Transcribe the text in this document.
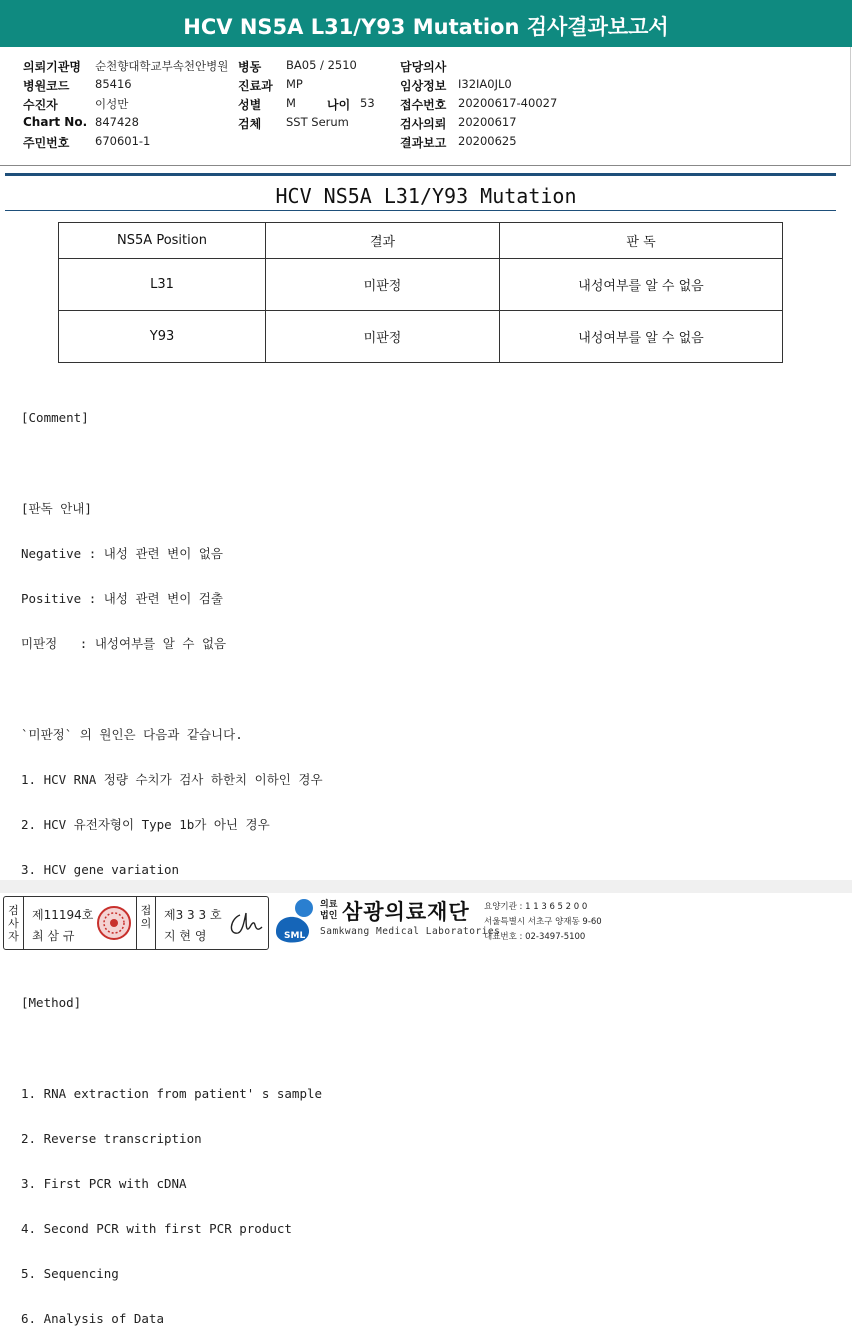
HCV NS5A L31/Y93 Mutation 검사결과보고서
의뢰기관명 순천향대학교부속천안병원 병동 BA05 / 2510	담당의사
병원코드 85416	진료과 MP	임상정보 I32IA0JL0
수진자	이성만	성별 M	나이 53 접수번호 20200617-40027
Chart No. 847428	검체 SST Serum	검사의뢰 20200617
주민번호 670601-1	결과보고 20200625
HCV NS5A L31/Y93 Mutation
NS5A Position	결과	판 독
L31	미판정	내성여부를 알 수 없음
Y93	미판정	내성여부를 알 수 없음

[Comment]

[판독 안내]

Negative : 내성 관련 변이 없음

Positive : 내성 관련 변이 검출

미판정   : 내성여부를 알 수 없음

`미판정` 의 원인은 다음과 같습니다.

1. HCV RNA 정량 수치가 검사 하한치 이하인 경우

2. HCV 유전자형이 Type 1b가 아닌 경우

3. HCV gene variation

[Method]

1. RNA extraction from patient' s sample

2. Reverse transcription

3. First PCR with cDNA

4. Second PCR with first PCR product

5. Sequencing

6. Analysis of Data

검사자
제11194호
최 삼 규
접의
제3 3 3 호
지 현 영	SML
의료
법인 삼광의료재단
Samkwang Medical Laboratories
요양기관 : 1 1 3 6 5 2 0 0
서울특별시 서초구 양재동 9-60
대표번호 : 02-3497-5100
